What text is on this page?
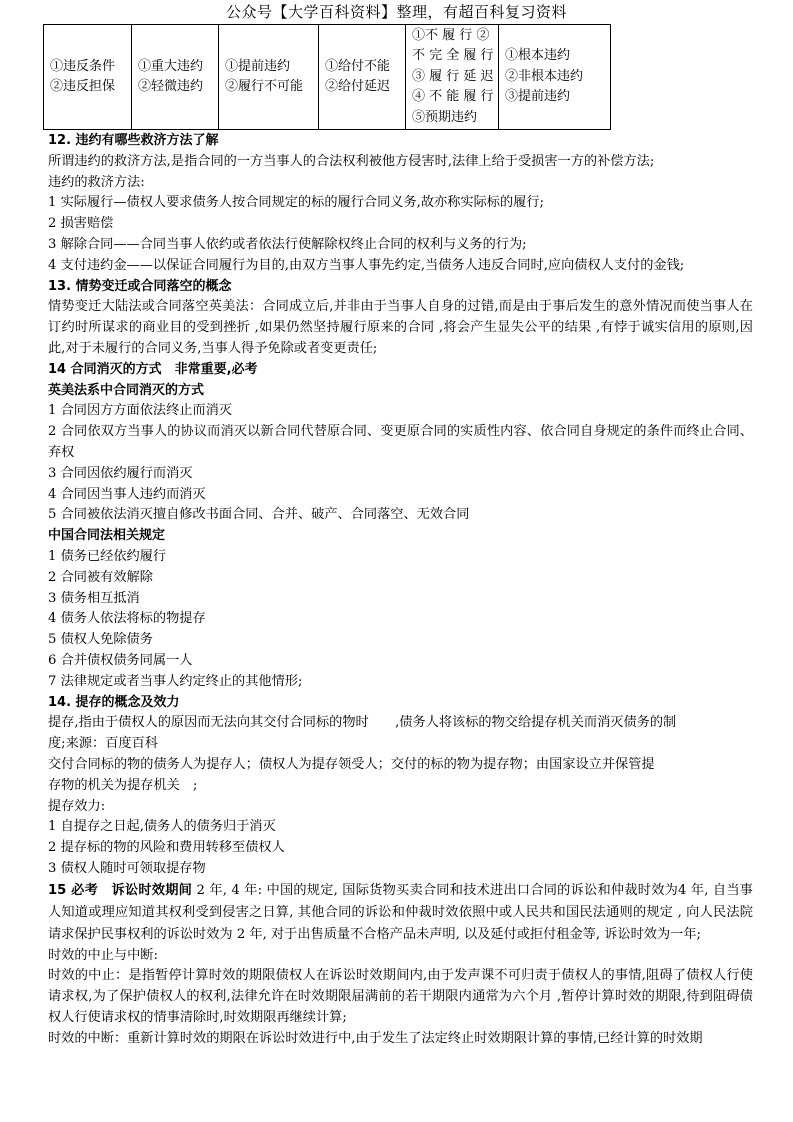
公众号【大学百科资料】整理，有超百科复习资料
①违反条件
②违反担保

①重大违约
②轻微违约

①提前违约
②履行不可能

①给付不能
②给付延迟

①不 履 行 ②
不 完 全 履 行
③ 履 行 延 迟
④ 不 能 履 行
⑤预期违约

①根本违约
②非根本违约
③提前违约

12. 违约有哪些救济方法了解

所谓违约的救济方法,是指合同的一方当事人的合法权利被他方侵害时,法律上给于受损害一方的补偿方法;

违约的救济方法:

1 实际履行—债权人要求债务人按合同规定的标的履行合同义务,故亦称实际标的履行;

2 损害赔偿

3 解除合同——合同当事人依约或者依法行使解除权终止合同的权利与义务的行为;

4 支付违约金——以保证合同履行为目的,由双方当事人事先约定,当债务人违反合同时,应向债权人支付的金钱;

13. 情势变迁或合同落空的概念

情势变迁大陆法或合同落空英美法：合同成立后,并非由于当事人自身的过错,而是由于事后发生的意外情况而使当事人在订约时所谋求的商业目的受到挫折 ,如果仍然坚持履行原来的合同 ,将会产生显失公平的结果 ,有悖于诚实信用的原则,因此,对于未履行的合同义务,当事人得予免除或者变更责任;

14 合同消灭的方式　非常重要,必考

英美法系中合同消灭的方式

1 合同因方方面依法终止而消灭

2 合同依双方当事人的协议而消灭以新合同代替原合同、变更原合同的实质性内容、依合同自身规定的条件而终止合同、弃权

3 合同因依约履行而消灭

4 合同因当事人违约而消灭

5 合同被依法消灭擅自修改书面合同、合并、破产、合同落空、无效合同

中国合同法相关规定

1 债务已经依约履行

2 合同被有效解除

3 债务相互抵消

4 债务人依法将标的物提存

5 债权人免除债务

6 合并债权债务同属一人

7 法律规定或者当事人约定终止的其他情形;

14. 提存的概念及效力

提存,指由于债权人的原因而无法向其交付合同标的物时　　,债务人将该标的物交给提存机关而消灭债务的制

度;来源：百度百科

交付合同标的物的债务人为提存人；债权人为提存领受人；交付的标的物为提存物；由国家设立并保管提

存物的机关为提存机关　;

提存效力:

1 自提存之日起,债务人的债务归于消灭

2 提存标的物的风险和费用转移至债权人

3 债权人随时可领取提存物

15 必考　诉讼时效期间 2 年, 4 年: 中国的规定, 国际货物买卖合同和技术进出口合同的诉讼和仲裁时效为4 年, 自当事人知道或理应知道其权利受到侵害之日算, 其他合同的诉讼和仲裁时效依照中或人民共和国民法通则的规定 , 向人民法院请求保护民事权利的诉讼时效为 2 年, 对于出售质量不合格产品未声明, 以及延付或拒付租金等, 诉讼时效为一年;

时效的中止与中断:

时效的中止：是指暂停计算时效的期限债权人在诉讼时效期间内,由于发声课不可归责于债权人的事情,阻碍了债权人行使请求权,为了保护债权人的权利,法律允许在时效期限届满前的若干期限内通常为六个月 ,暂停计算时效的期限,待到阻碍债权人行使请求权的情事清除时,时效期限再继续计算;

时效的中断：重新计算时效的期限在诉讼时效进行中,由于发生了法定终止时效期限计算的事情,已经计算的时效期
